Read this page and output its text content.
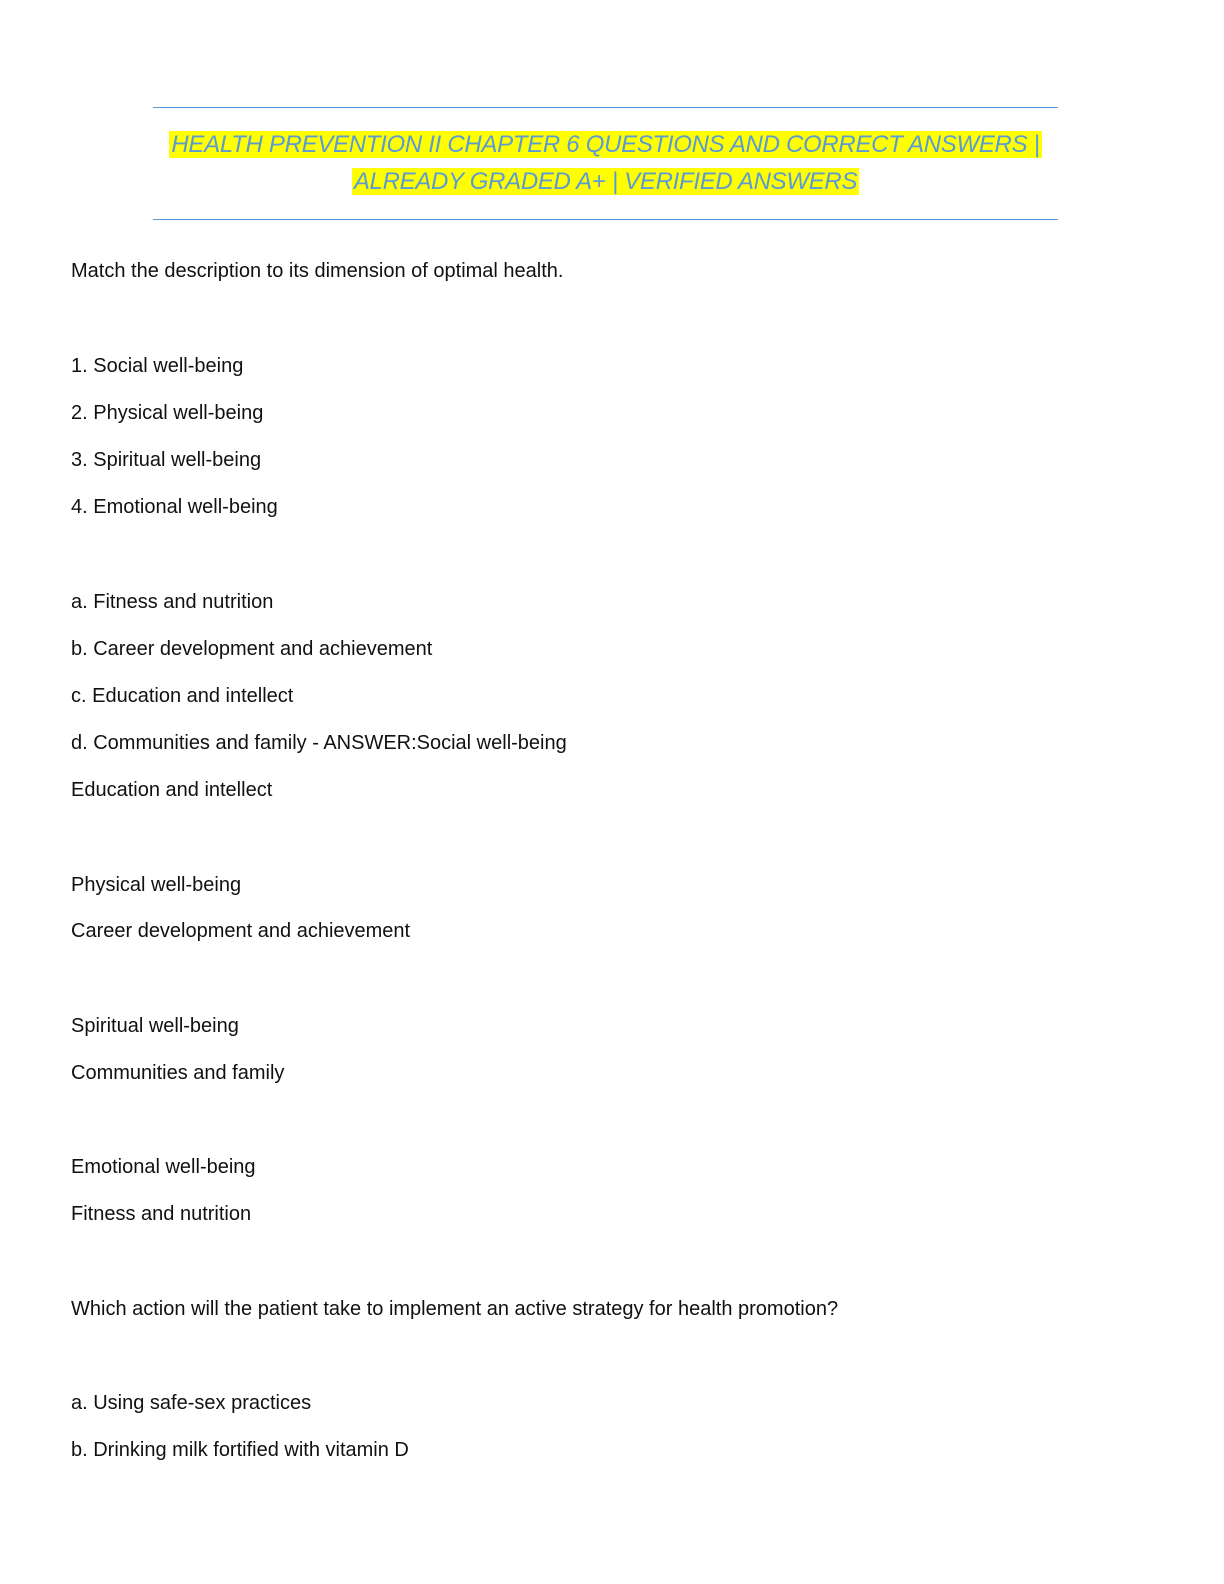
HEALTH PREVENTION II CHAPTER 6 QUESTIONS AND CORRECT ANSWERS |
ALREADY GRADED A+ | VERIFIED ANSWERS
Match the description to its dimension of optimal health.
1. Social well-being
2. Physical well-being
3. Spiritual well-being
4. Emotional well-being
a. Fitness and nutrition
b. Career development and achievement
c. Education and intellect
d. Communities and family - ANSWER:Social well-being
Education and intellect
Physical well-being
Career development and achievement
Spiritual well-being
Communities and family
Emotional well-being
Fitness and nutrition
Which action will the patient take to implement an active strategy for health promotion?
a. Using safe-sex practices
b. Drinking milk fortified with vitamin D
